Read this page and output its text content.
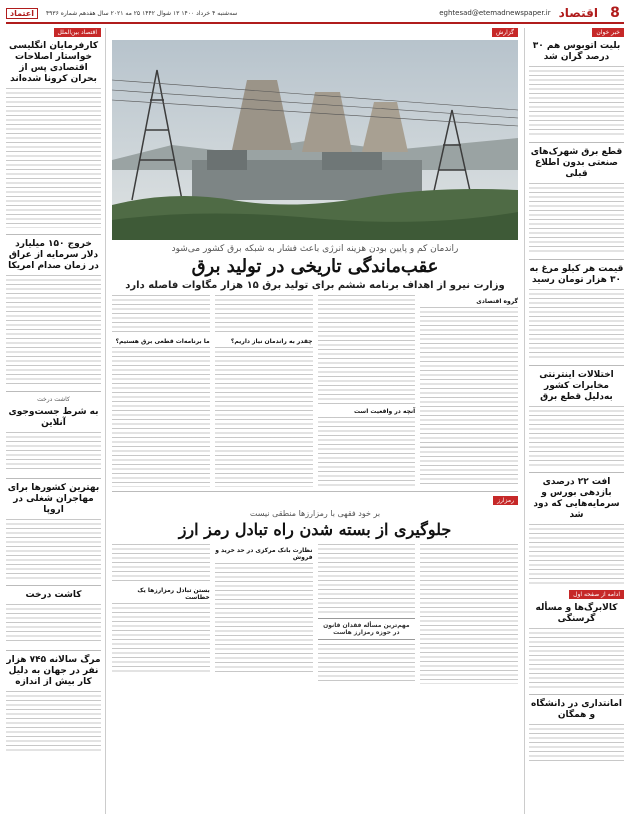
8
اقتصاد
eghtesad@etemadnewspaper.ir
سه‌شنبه ۴ خرداد ۱۴۰۰ ۱۳ شوال ۱۴۴۲ ۲۵ مه ۲۰۲۱ سال هفدهم شماره ۴۹۳۶
اعتماد
خبر خوان
بلیت اتوبوس هم ۳۰ درصد گران شد
قطع برق شهرک‌های صنعتی بدون اطلاع قبلی
قیمت هر کیلو مرغ به ۳۰ هزار تومان رسید
اختلالات اینترنتی مخابرات کشور به‌دلیل قطع برق
افت ۲۲ درصدی بازدهی بورس و سرمایه‌هایی که دود شد
ادامه از صفحه اول
کالابرگ‌ها و مسأله گرسنگی
امانتداری در دانشگاه و همگان
گزارش
راندمان کم و پایین بودن هزینه انرژی باعث فشار به شبکه برق کشور می‌شود
عقب‌ماندگی تاریخی در تولید برق
وزارت نیرو از اهداف برنامه ششم برای تولید برق ۱۵ هزار مگاوات فاصله دارد
گروه اقتصادی
آنچه در واقعیت است
چقدر به راندمان نیاز داریم؟
ما برنامه‌ات قطعی برق هستیم؟
رمزارز
بر خود فقهی با رمزارزها منطقی نیست
جلوگیری از بسته شدن راه تبادل رمز ارز
مهم‌ترین مسأله فقدان قانون در حوزه رمزارز هاست
نظارت بانک مرکزی در حد خرید و فروش
بستن تبادل رمزارزها یک خطاست
اقتصاد بین‌الملل
کارفرمایان انگلیسی خواستار اصلاحات اقتصادی پس از بحران کرونا شده‌اند
خروج ۱۵۰ میلیارد دلار سرمایه از عراق در زمان صدام امریکا
کاشت درخت
به شرط جست‌وجوی آنلاین
بهترین کشورها برای مهاجران شغلی در اروپا
کاشت درخت
مرگ سالانه ۷۴۵ هزار نفر در جهان به دلیل کار بیش از اندازه
